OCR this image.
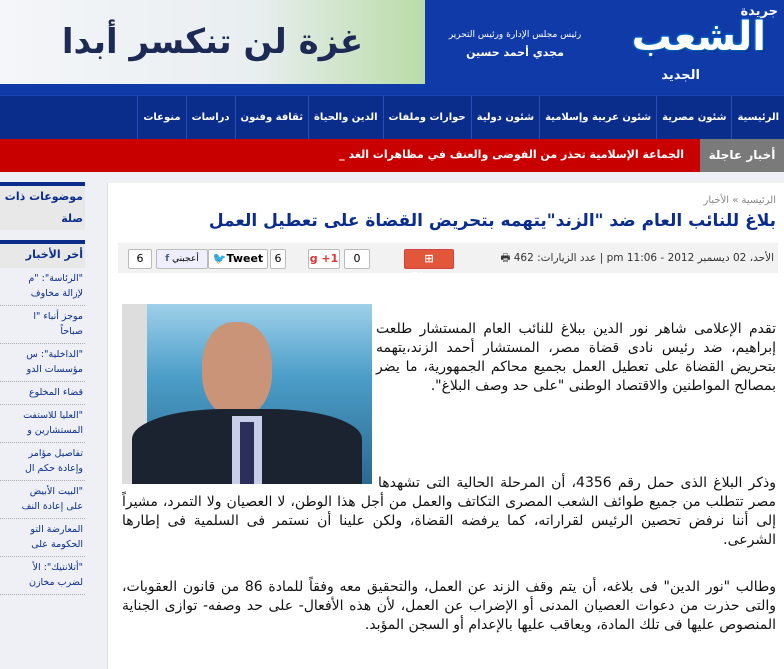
غزة لن تنكسر أبدا	رئيس مجلس الإدارة ورئيس التحرير
مجدي أحمد حسين
جريدة
الشعب
الجديد
الرئيسية
شئون مصرية
شئون عربية وإسلامية
شئون دولية
حوارات وملفات
الدين والحياة
ثقافة وفنون
دراسات
منوعات
أخبار عاجلة
الجماعة الإسلامية تحذر من الفوضى والعنف في مظاهرات الغد _
موضوعات ذات صلة
أخر الأخبار
"الرئاسة": "م
لإزالة مخاوف
موجز أنباء "ا
صباحاً
"الداخلية": س
مؤسسات الدو
قضاء المخلوع
"العليا للاستفت
المستشارين و
تفاصيل مؤامر
وإعادة حكم ال
"البيت الأبيض
على إعادة النف
المعارضة التو
الحكومة على
"أتلانتيك": الأ
لضرب مخازن
الرئيسية » الأخبار
بلاغ للنائب العام ضد "الزند"يتهمه بتحريض القضاة على تعطيل العمل
الأحد، 02 ديسمبر 2012 - 11:06 pm | عدد الزيارات: 462 🖶
⊞ Share
0
g +1
6
🐦Tweet
f أعجبني
6
تقدم الإعلامى شاهر نور الدين ببلاغ للنائب العام المستشار طلعت إبراهيم، ضد رئيس نادى قضاة مصر، المستشار أحمد الزند،يتهمه بتحريض القضاة على تعطيل العمل بجميع محاكم الجمهورية، ما يضر بمصالح المواطنين والاقتصاد الوطنى "على حد وصف البلاغ".
وذكر البلاغ الذى حمل رقم 4356، أن المرحلة الحالية التى تشهدها مصر تتطلب من جميع طوائف الشعب المصرى التكاتف والعمل من أجل هذا الوطن، لا العصيان ولا التمرد، مشيراً إلى أننا نرفض تحصين الرئيس لقراراته، كما يرفضه القضاة، ولكن علينا أن نستمر فى السلمية فى إطارها الشرعى.
وطالب "نور الدين" فى بلاغه، أن يتم وقف الزند عن العمل، والتحقيق معه وفقاً للمادة 86 من قانون العقوبات، والتى حذرت من دعوات العصيان المدنى أو الإضراب عن العمل، لأن هذه الأفعال- على حد وصفه- توازى الجناية المنصوص عليها فى تلك المادة، ويعاقب عليها بالإعدام أو السجن المؤبد.
